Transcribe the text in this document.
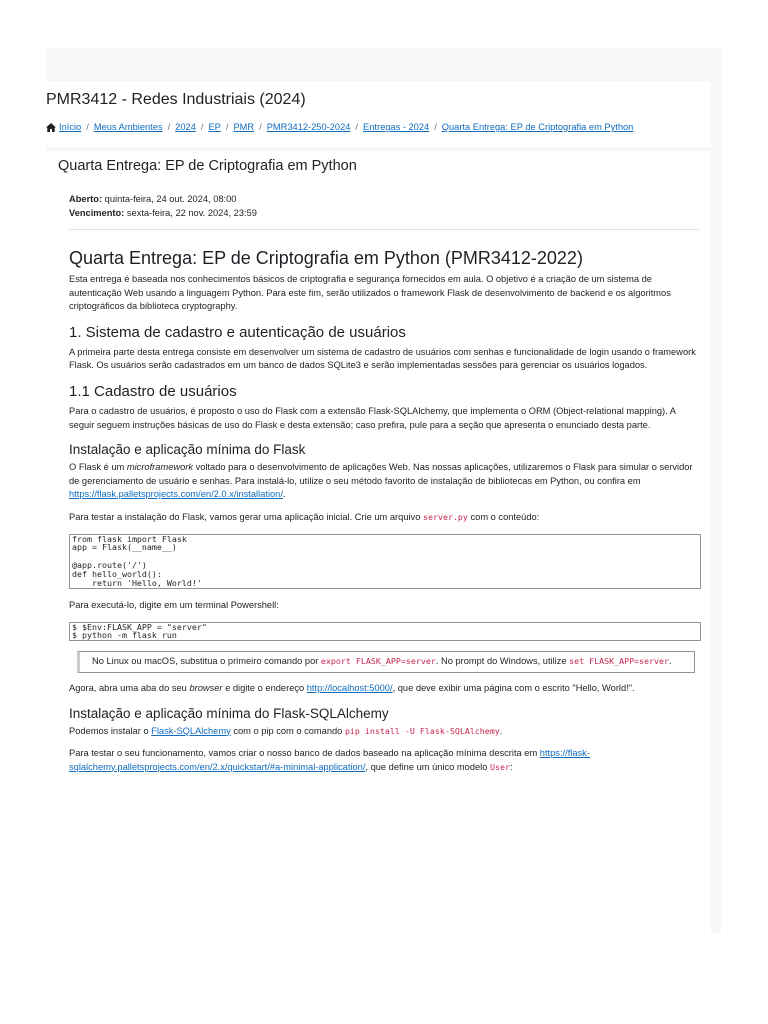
PMR3412 - Redes Industriais (2024)
Início / Meus Ambientes / 2024 / EP / PMR / PMR3412-250-2024 / Entregas - 2024 / Quarta Entrega: EP de Criptografia em Python
Quarta Entrega: EP de Criptografia em Python
Aberto: quinta-feira, 24 out. 2024, 08:00
Vencimento: sexta-feira, 22 nov. 2024, 23:59
Quarta Entrega: EP de Criptografia em Python (PMR3412-2022)

Esta entrega é baseada nos conhecimentos básicos de criptografia e segurança fornecidos em aula. O objetivo é a criação de um sistema de autenticação Web usando a linguagem Python. Para este fim, serão utilizados o framework Flask de desenvolvimento de backend e os algoritmos criptográficos da biblioteca cryptography.

1. Sistema de cadastro e autenticação de usuários

A primeira parte desta entrega consiste em desenvolver um sistema de cadastro de usuários com senhas e funcionalidade de login usando o framework Flask. Os usuários serão cadastrados em um banco de dados SQLite3 e serão implementadas sessões para gerenciar os usuários logados.

1.1 Cadastro de usuários

Para o cadastro de usuários, é proposto o uso do Flask com a extensão Flask-SQLAlchemy, que implementa o ORM (Object-relational mapping). A seguir seguem instruções básicas de uso do Flask e desta extensão; caso prefira, pule para a seção que apresenta o enunciado desta parte.

Instalação e aplicação mínima do Flask

O Flask é um microframework voltado para o desenvolvimento de aplicações Web. Nas nossas aplicações, utilizaremos o Flask para simular o servidor de gerenciamento de usuário e senhas. Para instalá-lo, utilize o seu método favorito de instalação de bibliotecas em Python, ou confira em https://flask.palletsprojects.com/en/2.0.x/installation/.

Para testar a instalação do Flask, vamos gerar uma aplicação inicial. Crie um arquivo server.py com o conteúdo:

from flask import Flask
app = Flask(__name__)

@app.route('/')
def hello_world():
return 'Hello, World!'

Para executá-lo, digite em um terminal Powershell:

$ $Env:FLASK_APP = "server"
$ python -m flask run

No Linux ou macOS, substitua o primeiro comando por export FLASK_APP=server. No prompt do Windows, utilize set FLASK_APP=server.

Agora, abra uma aba do seu browser e digite o endereço http://localhost:5000/, que deve exibir uma página com o escrito "Hello, World!".

Instalação e aplicação mínima do Flask-SQLAlchemy

Podemos instalar o Flask-SQLAlchemy com o pip com o comando pip install -U Flask-SQLAlchemy.

Para testar o seu funcionamento, vamos criar o nosso banco de dados baseado na aplicação mínima descrita em https://flask-sqlalchemy.palletsprojects.com/en/2.x/quickstart/#a-minimal-application/, que define um único modelo User:
